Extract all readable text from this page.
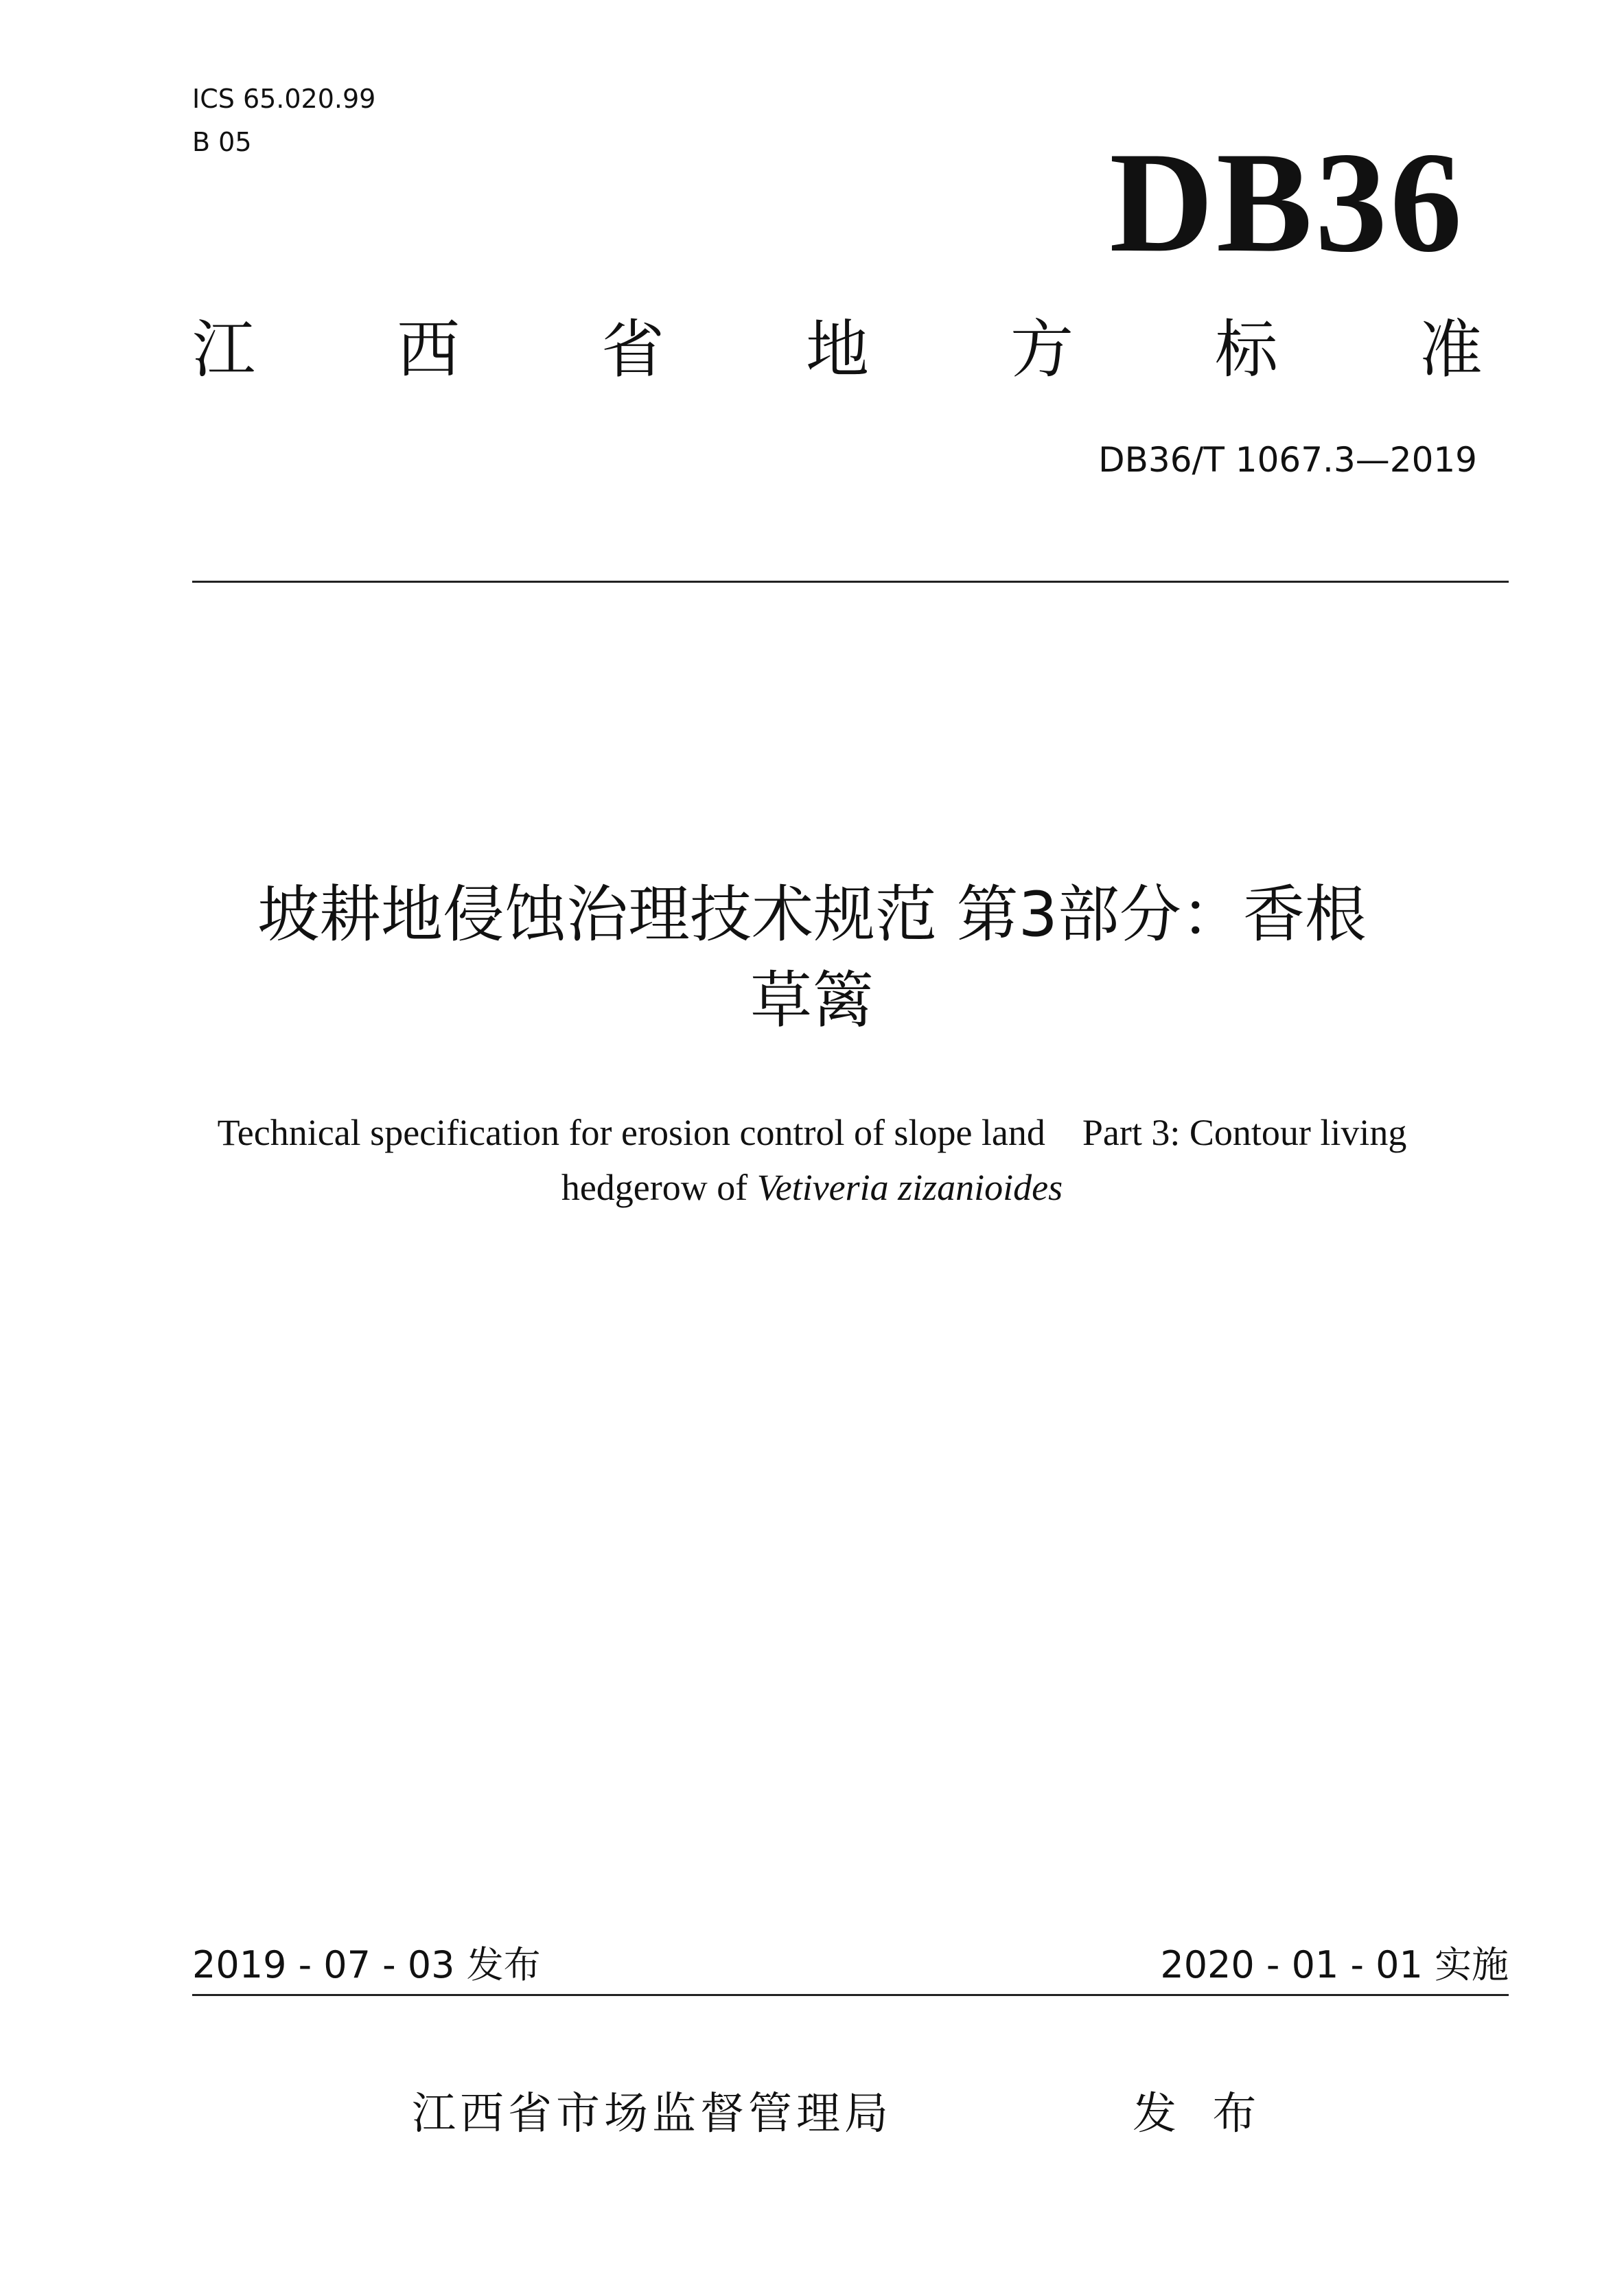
ICS 65.020.99
B 05	DB36
江 西 省 地 方 标 准
DB36/T 1067.3—2019
坡耕地侵蚀治理技术规范 第3部分：香根
草篱
Technical specification for erosion control of slope land    Part 3: Contour living
hedgerow of Vetiveria zizanioides
2019 - 07 - 03 发布	2020 - 01 - 01 实施
江西省市场监督管理局	发 布
